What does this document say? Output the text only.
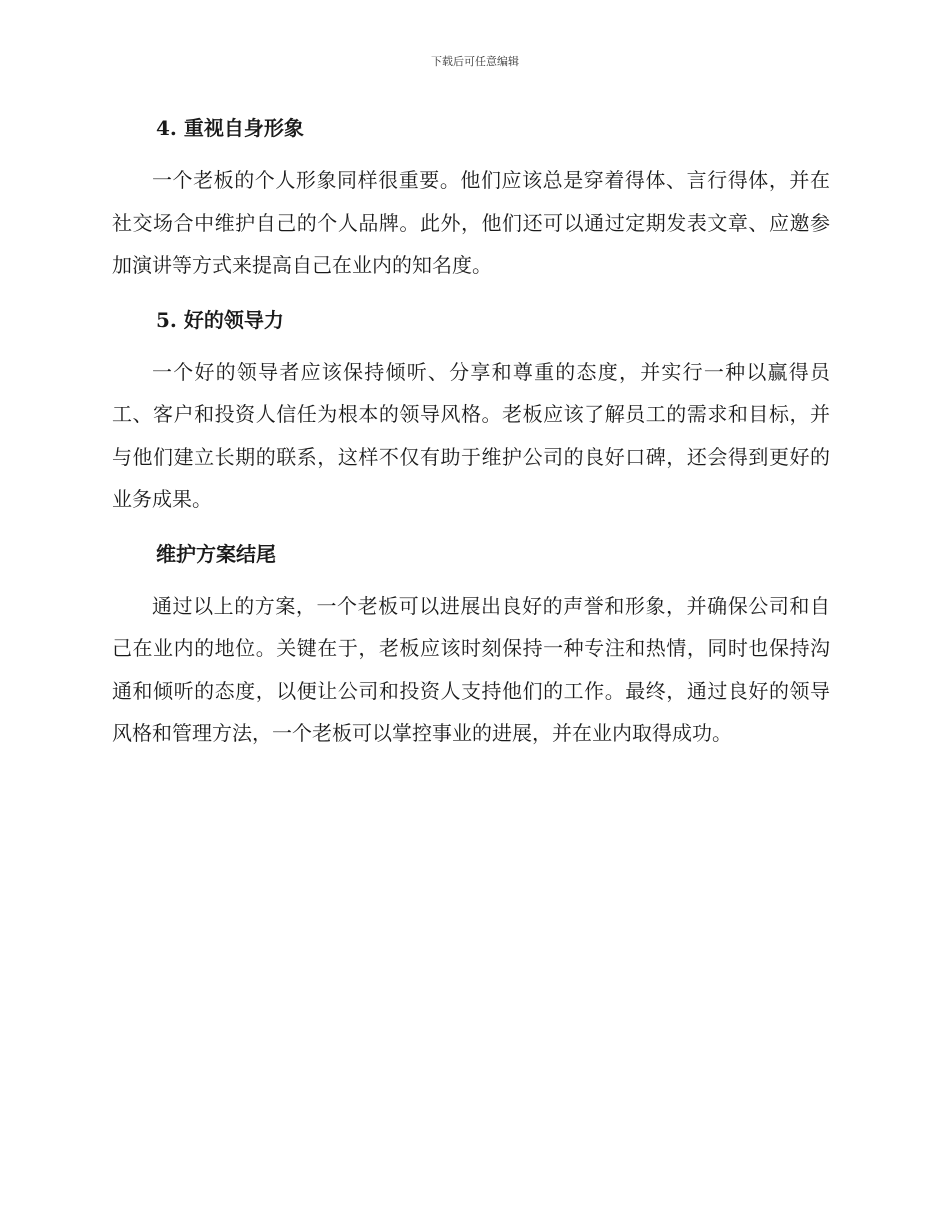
下载后可任意编辑
4. 重视自身形象

一个老板的个人形象同样很重要。他们应该总是穿着得体、言行得体，并在社交场合中维护自己的个人品牌。此外，他们还可以通过定期发表文章、应邀参加演讲等方式来提高自己在业内的知名度。

5. 好的领导力

一个好的领导者应该保持倾听、分享和尊重的态度，并实行一种以赢得员工、客户和投资人信任为根本的领导风格。老板应该了解员工的需求和目标，并与他们建立长期的联系，这样不仅有助于维护公司的良好口碑，还会得到更好的业务成果。

维护方案结尾

通过以上的方案，一个老板可以进展出良好的声誉和形象，并确保公司和自己在业内的地位。关键在于，老板应该时刻保持一种专注和热情，同时也保持沟通和倾听的态度，以便让公司和投资人支持他们的工作。最终，通过良好的领导风格和管理方法，一个老板可以掌控事业的进展，并在业内取得成功。
